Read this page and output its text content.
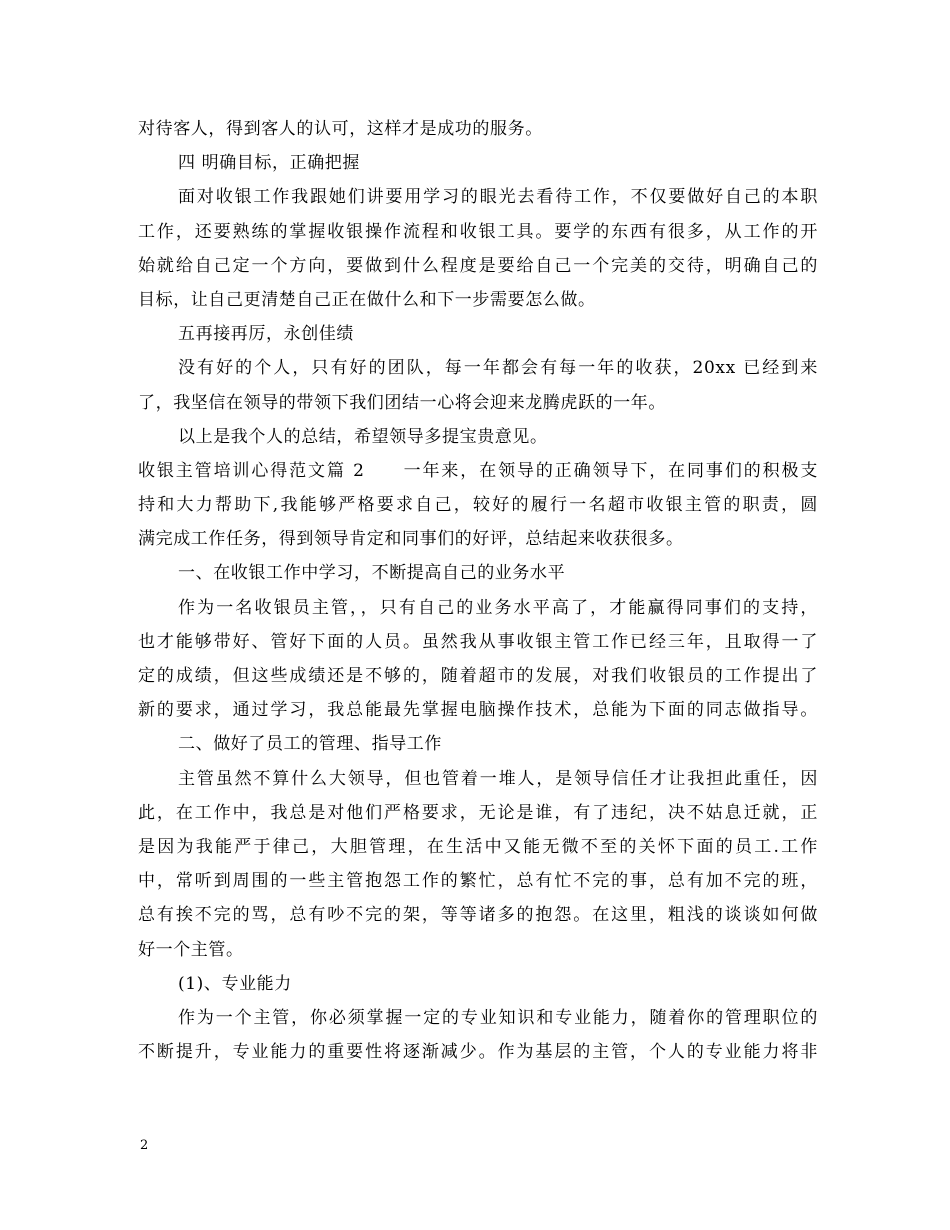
对待客人，得到客人的认可，这样才是成功的服务。
四 明确目标，正确把握
面对收银工作我跟她们讲要用学习的眼光去看待工作，不仅要做好自己的本职
工作，还要熟练的掌握收银操作流程和收银工具。要学的东西有很多，从工作的开
始就给自己定一个方向，要做到什么程度是要给自己一个完美的交待，明确自己的
目标，让自己更清楚自己正在做什么和下一步需要怎么做。
五再接再厉，永创佳绩
没有好的个人，只有好的团队，每一年都会有每一年的收获，20xx 已经到来
了，我坚信在领导的带领下我们团结一心将会迎来龙腾虎跃的一年。
以上是我个人的总结，希望领导多提宝贵意见。
收银主管培训心得范文篇 2　　一年来，在领导的正确领导下，在同事们的积极支
持和大力帮助下,我能够严格要求自己，较好的履行一名超市收银主管的职责，圆
满完成工作任务，得到领导肯定和同事们的好评，总结起来收获很多。
一、在收银工作中学习，不断提高自己的业务水平
作为一名收银员主管，，只有自己的业务水平高了，才能赢得同事们的支持，
也才能够带好、管好下面的人员。虽然我从事收银主管工作已经三年，且取得一了
定的成绩，但这些成绩还是不够的，随着超市的发展，对我们收银员的工作提出了
新的要求，通过学习，我总能最先掌握电脑操作技术，总能为下面的同志做指导。
二、做好了员工的管理、指导工作
主管虽然不算什么大领导，但也管着一堆人，是领导信任才让我担此重任，因
此，在工作中，我总是对他们严格要求，无论是谁，有了违纪，决不姑息迁就，正
是因为我能严于律己，大胆管理，在生活中又能无微不至的关怀下面的员工.工作
中，常听到周围的一些主管抱怨工作的繁忙，总有忙不完的事，总有加不完的班，
总有挨不完的骂，总有吵不完的架，等等诸多的抱怨。在这里，粗浅的谈谈如何做
好一个主管。
(1)、专业能力
作为一个主管，你必须掌握一定的专业知识和专业能力，随着你的管理职位的
不断提升，专业能力的重要性将逐渐减少。作为基层的主管，个人的专业能力将非
2
